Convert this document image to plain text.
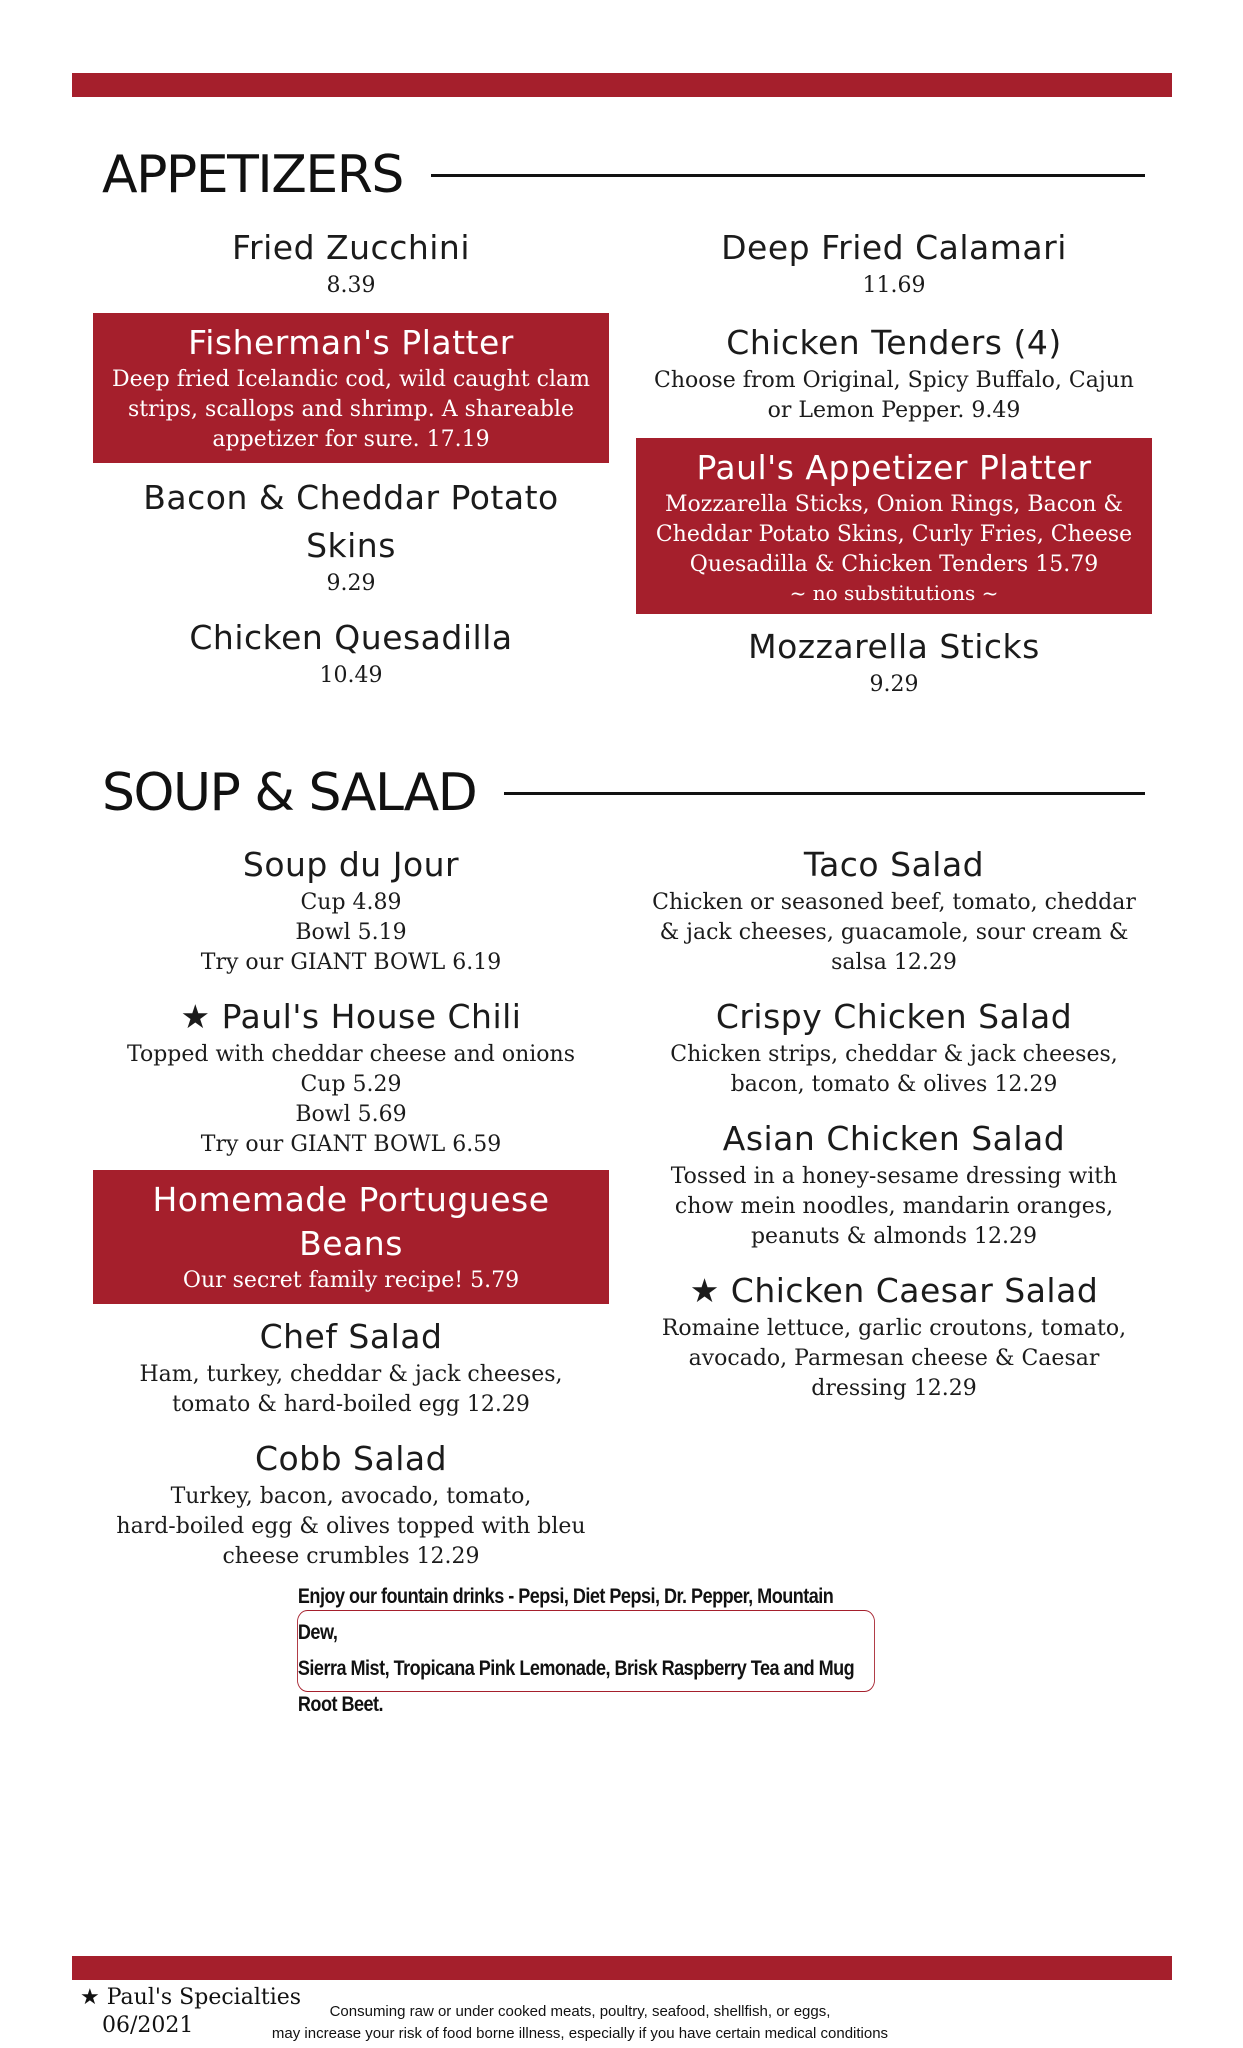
APPETIZERS
Fried Zucchini
8.39
Fisherman's Platter
Deep fried Icelandic cod, wild caught clam
strips, scallops and shrimp. A shareable
appetizer for sure. 17.19
Bacon & Cheddar Potato
Skins
9.29
Chicken Quesadilla
10.49
Deep Fried Calamari
11.69
Chicken Tenders (4)
Choose from Original, Spicy Buffalo, Cajun
or Lemon Pepper. 9.49
Paul's Appetizer Platter
Mozzarella Sticks, Onion Rings, Bacon &
Cheddar Potato Skins, Curly Fries, Cheese
Quesadilla & Chicken Tenders 15.79
~ no substitutions ~
Mozzarella Sticks
9.29
SOUP & SALAD
Soup du Jour
Cup 4.89
Bowl 5.19
Try our GIANT BOWL 6.19
★ Paul's House Chili
Topped with cheddar cheese and onions
Cup 5.29
Bowl 5.69
Try our GIANT BOWL 6.59
Homemade Portuguese Beans
Our secret family recipe! 5.79
Chef Salad
Ham, turkey, cheddar & jack cheeses,
tomato & hard-boiled egg 12.29
Cobb Salad
Turkey, bacon, avocado, tomato,
hard-boiled egg & olives topped with bleu
cheese crumbles 12.29
Taco Salad
Chicken or seasoned beef, tomato, cheddar
& jack cheeses, guacamole, sour cream &
salsa 12.29
Crispy Chicken Salad
Chicken strips, cheddar & jack cheeses,
bacon, tomato & olives 12.29
Asian Chicken Salad
Tossed in a honey-sesame dressing with
chow mein noodles, mandarin oranges,
peanuts & almonds 12.29
★ Chicken Caesar Salad
Romaine lettuce, garlic croutons, tomato,
avocado, Parmesan cheese & Caesar
dressing 12.29
Enjoy our fountain drinks - Pepsi, Diet Pepsi, Dr. Pepper, Mountain Dew,
Sierra Mist, Tropicana Pink Lemonade, Brisk Raspberry Tea and Mug Root Beet.
★ Paul's Specialties
06/2021
Consuming raw or under cooked meats, poultry, seafood, shellfish, or eggs,
may increase your risk of food borne illness, especially if you have certain medical conditions
